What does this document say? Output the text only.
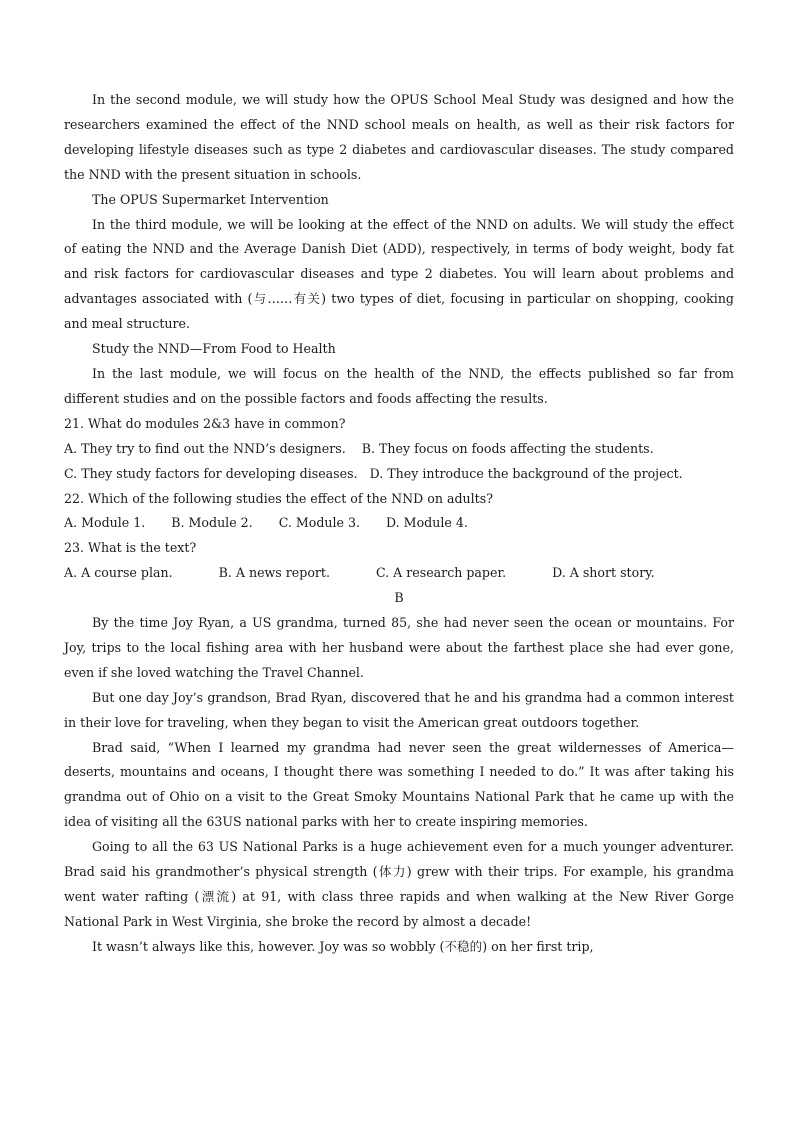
In the second module, we will study how the OPUS School Meal Study was designed and how the researchers examined the effect of the NND school meals on health, as well as their risk factors for developing lifestyle diseases such as type 2 diabetes and cardiovascular diseases. The study compared the NND with the present situation in schools.

The OPUS Supermarket Intervention

In the third module, we will be looking at the effect of the NND on adults. We will study the effect of eating the NND and the Average Danish Diet (ADD), respectively, in terms of body weight, body fat and risk factors for cardiovascular diseases and type 2 diabetes. You will learn about problems and advantages associated with (与……有关) two types of diet, focusing in particular on shopping, cooking and meal structure.

Study the NND—From Food to Health

In the last module, we will focus on the health of the NND, the effects published so far from different studies and on the possible factors and foods affecting the results.

21. What do modules 2&3 have in common?

A. They try to find out the NND’s designers. B. They focus on foods affecting the students.

C. They study factors for developing diseases. D. They introduce the background of the project.

22. Which of the following studies the effect of the NND on adults?

A. Module 1. B. Module 2. C. Module 3. D. Module 4.

23. What is the text?

A. A course plan.	B. A news report.	C. A research paper.	D. A short story.

B

By the time Joy Ryan, a US grandma, turned 85, she had never seen the ocean or mountains. For Joy, trips to the local fishing area with her husband were about the farthest place she had ever gone, even if she loved watching the Travel Channel.

But one day Joy’s grandson, Brad Ryan, discovered that he and his grandma had a common interest in their love for traveling, when they began to visit the American great outdoors together.

Brad said, “When I learned my grandma had never seen the great wildernesses of America—deserts, mountains and oceans, I thought there was something I needed to do.” It was after taking his grandma out of Ohio on a visit to the Great Smoky Mountains National Park that he came up with the idea of visiting all the 63US national parks with her to create inspiring memories.

Going to all the 63 US National Parks is a huge achievement even for a much younger adventurer. Brad said his grandmother’s physical strength (体力) grew with their trips. For example, his grandma went water rafting (漂流) at 91, with class three rapids and when walking at the New River Gorge National Park in West Virginia, she broke the record by almost a decade!

It wasn’t always like this, however. Joy was so wobbly (不稳的) on her first trip,
